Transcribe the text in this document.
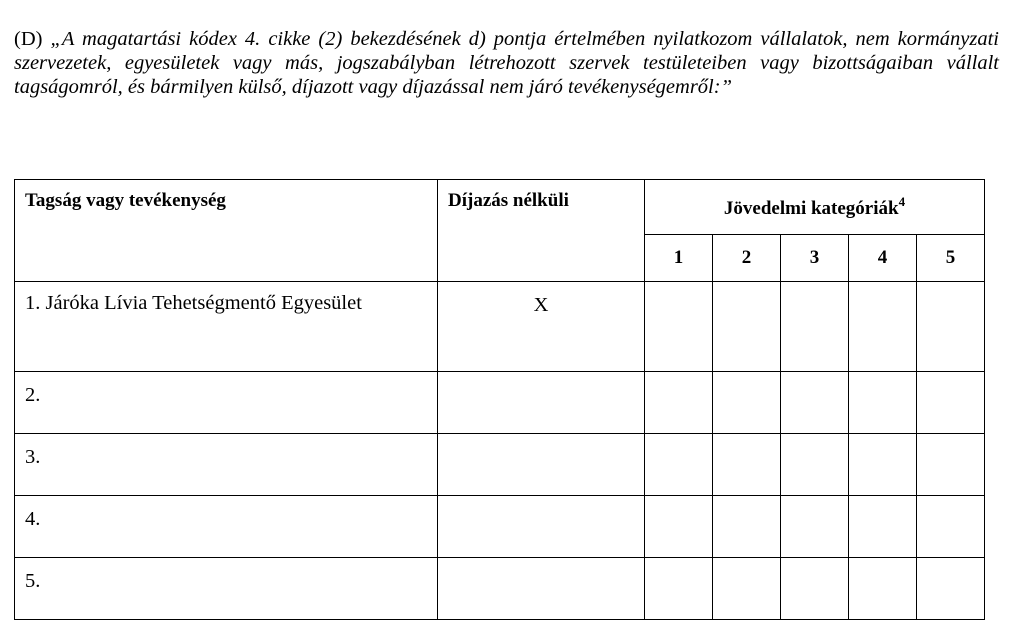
(D) „A magatartási kódex 4. cikke (2) bekezdésének d) pontja értelmében nyilatkozom vállalatok, nem kormányzati szervezetek, egyesületek vagy más, jogszabályban létrehozott szervek testületeiben vagy bizottságaiban vállalt tagságomról, és bármilyen külső, díjazott vagy díjazással nem járó tevékenységemről:”

Tagság vagy tevékenység	Díjazás nélküli	Jövedelmi kategóriák$^4$
		1	2	3	4	5
1. Járóka Lívia Tehetségmentő Egyesület	X					
2.						
3.						
4.						
5.						
